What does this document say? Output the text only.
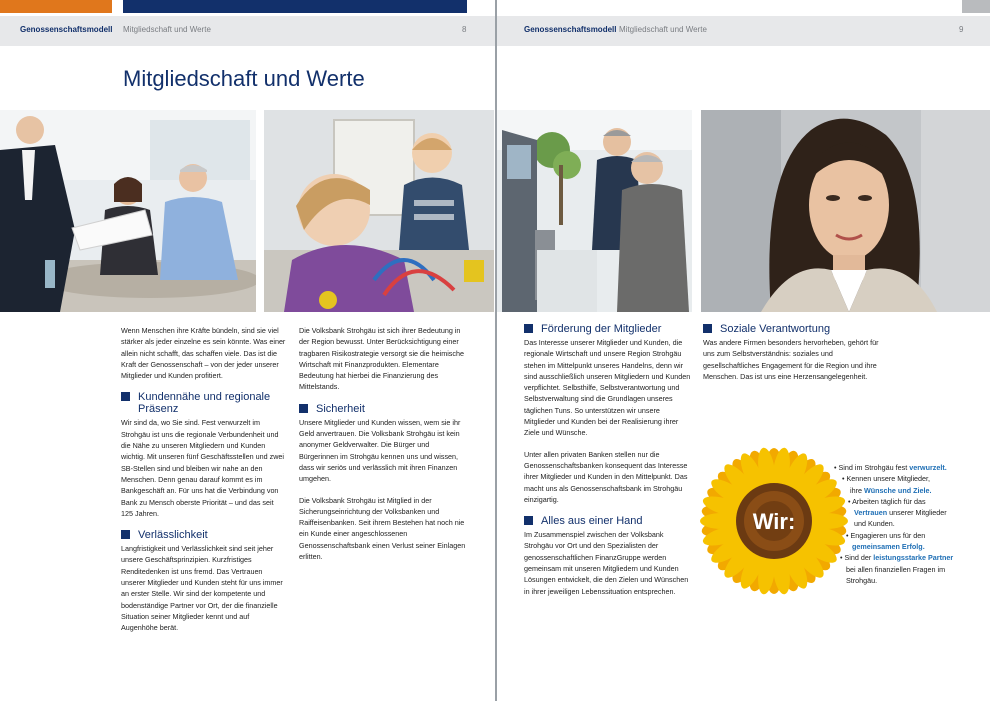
Genossenschaftsmodell Mitgliedschaft und Werte	8	Genossenschaftsmodell Mitgliedschaft und Werte	9
Mitgliedschaft und Werte

Wenn Menschen ihre Kräfte bündeln, sind sie viel stärker als jeder einzelne es sein könnte. Was einer allein nicht schafft, das schaffen viele. Das ist die Kraft der Genossenschaft – von der jeder unserer Mitglieder und Kunden profitiert.

Kundennähe und regionale Präsenz

Wir sind da, wo Sie sind. Fest verwurzelt im Strohgäu ist uns die regionale Verbundenheit und die Nähe zu unseren Mitgliedern und Kunden wichtig. Mit unseren fünf Geschäftsstellen und zwei SB-Stellen sind und bleiben wir nahe an den Menschen. Denn genau darauf kommt es im Bankgeschäft an. Für uns hat die Verbindung von Bank zu Mensch oberste Priorität – und das seit 125 Jahren.

Verlässlichkeit

Langfristigkeit und Verlässlichkeit sind seit jeher unsere Geschäftsprinzipien. Kurzfristiges Renditedenken ist uns fremd. Das Vertrauen unserer Mitglieder und Kunden steht für uns immer an erster Stelle. Wir sind der kompetente und bodenständige Partner vor Ort, der die finanzielle Situation seiner Mitglieder kennt und auf Augenhöhe berät.

Die Volksbank Strohgäu ist sich ihrer Bedeutung in der Region bewusst. Unter Berücksichtigung einer tragbaren Risikostrategie versorgt sie die heimische Wirtschaft mit Finanzprodukten. Elementare Bedeutung hat hierbei die Finanzierung des Mittelstands.

Sicherheit

Unsere Mitglieder und Kunden wissen, wem sie ihr Geld anvertrauen. Die Volksbank Strohgäu ist kein anonymer Geldverwalter. Die Bürger und Bürgerinnen im Strohgäu kennen uns und wissen, dass wir seriös und verlässlich mit ihren Finanzen umgehen.

Die Volksbank Strohgäu ist Mitglied in der Sicherungseinrichtung der Volksbanken und Raiffeisenbanken. Seit ihrem Bestehen hat noch nie ein Kunde einer angeschlossenen Genossenschaftsbank einen Verlust seiner Einlagen erlitten.

Förderung der Mitglieder

Das Interesse unserer Mitglieder und Kunden, die regionale Wirtschaft und unsere Region Strohgäu stehen im Mittelpunkt unseres Handelns, denn wir sind ausschließlich unseren Mitgliedern und Kunden verpflichtet. Selbsthilfe, Selbstverantwortung und Selbstverwaltung sind die Grundlagen unseres täglichen Tuns. So unterstützen wir unsere Mitglieder und Kunden bei der Realisierung ihrer Ziele und Wünsche.

Unter allen privaten Banken stellen nur die Genossenschaftsbanken konsequent das Interesse ihrer Mitglieder und Kunden in den Mittelpunkt. Das macht uns als Genossenschaftsbank im Strohgäu einzigartig.

Alles aus einer Hand

Im Zusammenspiel zwischen der Volksbank Strohgäu vor Ort und den Spezialisten der genossenschaftlichen FinanzGruppe werden gemeinsam mit unseren Mitgliedern und Kunden Lösungen entwickelt, die den Zielen und Wünschen in ihrer jeweiligen Lebenssituation entsprechen.

Soziale Verantwortung

Was andere Firmen besonders hervorheben, gehört für uns zum Selbstverständnis: soziales und gesellschaftliches Engagement für die Region und ihre Menschen. Das ist uns eine Herzensangelegenheit.

Wir:
• Sind im Strohgäu fest verwurzelt.
• Kennen unsere Mitglieder,
ihre Wünsche und Ziele.
• Arbeiten täglich für das
Vertrauen unserer Mitglieder
und Kunden.
• Engagieren uns für den
gemeinsamen Erfolg.
• Sind der leistungsstarke Partner
bei allen finanziellen Fragen im
Strohgäu.
